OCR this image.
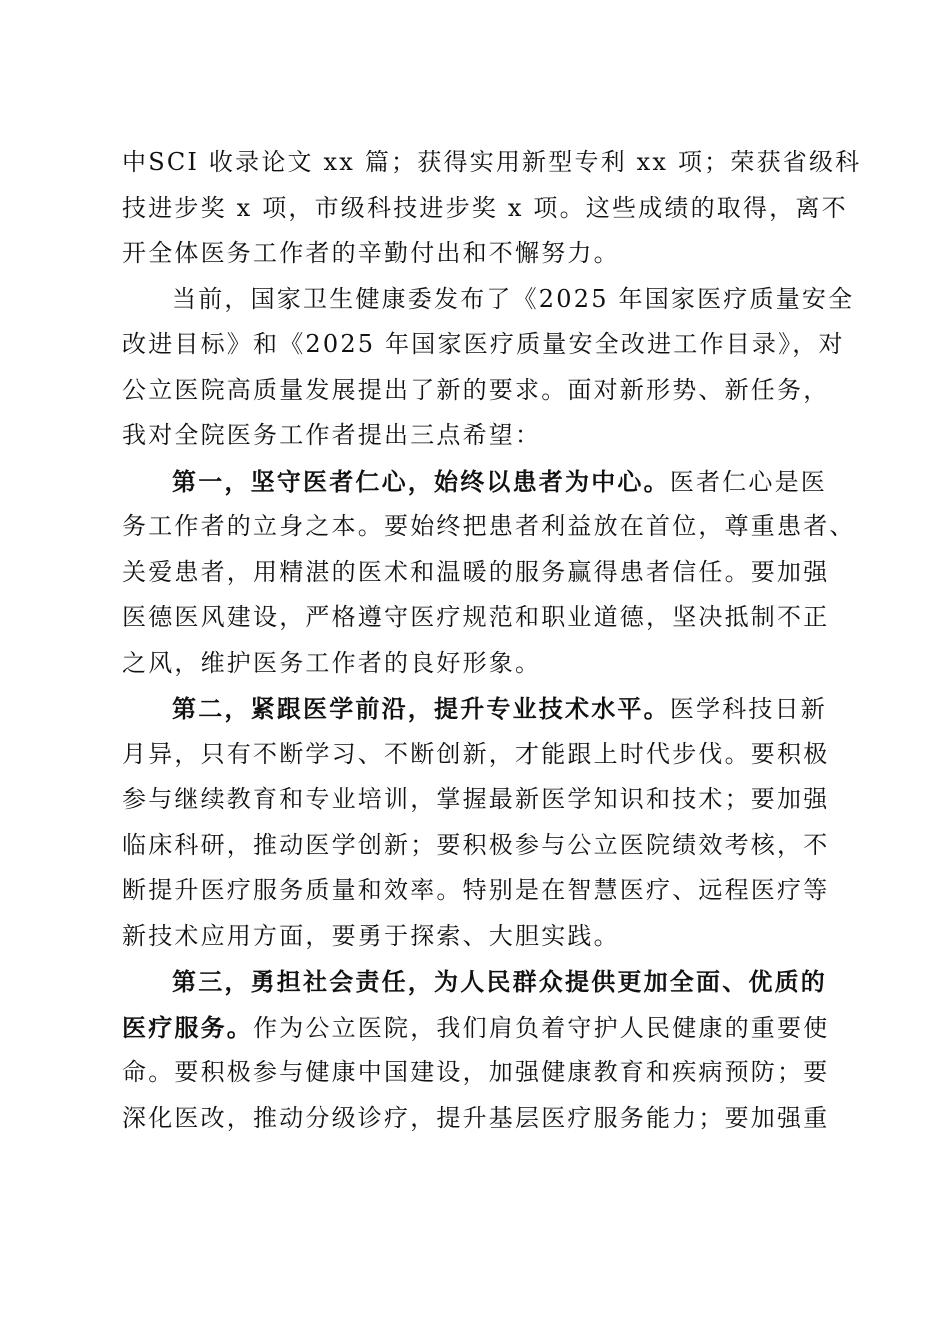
中SCI 收录论文 xx 篇；获得实用新型专利 xx 项；荣获省级科
技进步奖 x 项，市级科技进步奖 x 项。这些成绩的取得，离不
开全体医务工作者的辛勤付出和不懈努力。
当前，国家卫生健康委发布了《2025 年国家医疗质量安全
改进目标》和《2025 年国家医疗质量安全改进工作目录》，对
公立医院高质量发展提出了新的要求。面对新形势、新任务，
我对全院医务工作者提出三点希望：
第一，坚守医者仁心，始终以患者为中心。医者仁心是医
务工作者的立身之本。要始终把患者利益放在首位，尊重患者、
关爱患者，用精湛的医术和温暖的服务赢得患者信任。要加强
医德医风建设，严格遵守医疗规范和职业道德，坚决抵制不正
之风，维护医务工作者的良好形象。
第二，紧跟医学前沿，提升专业技术水平。医学科技日新
月异，只有不断学习、不断创新，才能跟上时代步伐。要积极
参与继续教育和专业培训，掌握最新医学知识和技术；要加强
临床科研，推动医学创新；要积极参与公立医院绩效考核，不
断提升医疗服务质量和效率。特别是在智慧医疗、远程医疗等
新技术应用方面，要勇于探索、大胆实践。
第三，勇担社会责任，为人民群众提供更加全面、优质的
医疗服务。作为公立医院，我们肩负着守护人民健康的重要使
命。要积极参与健康中国建设，加强健康教育和疾病预防；要
深化医改，推动分级诊疗，提升基层医疗服务能力；要加强重
